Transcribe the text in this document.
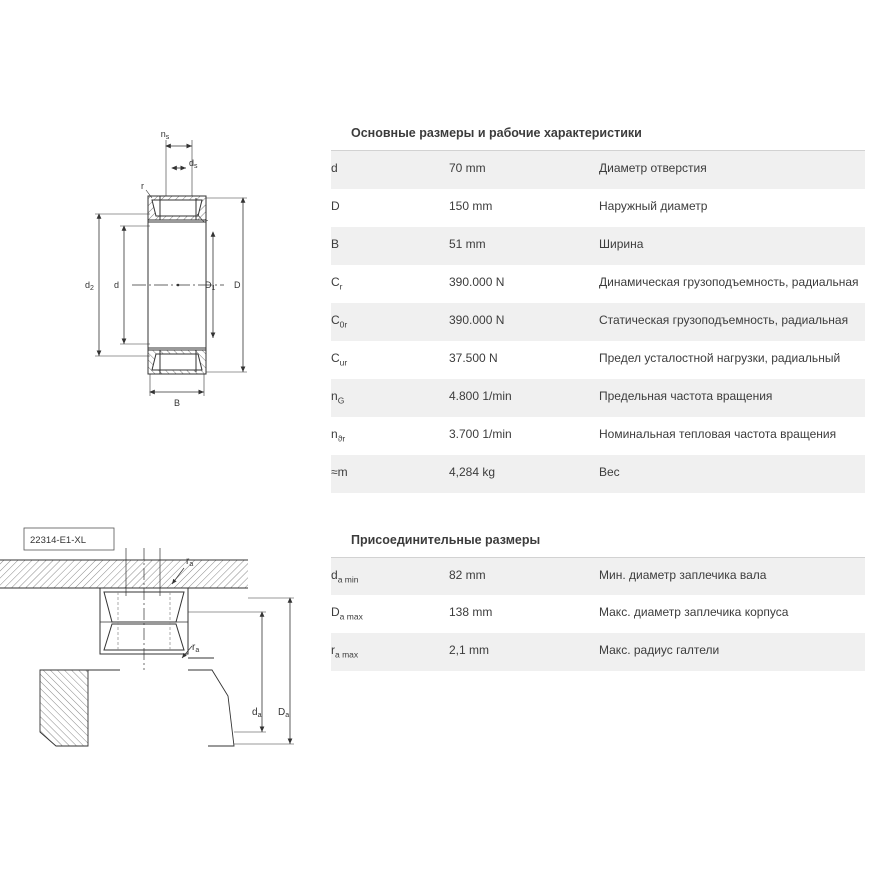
$n_s$
$d_s$
r
r
$d_2$ d	$D_1$ D
B
22314-E1-XL
$r_a$
$r_a$
$d_a$ $D_a$
Основные размеры и рабочие характеристики
d	70 mm	Диаметр отверстия
D	150 mm	Наружный диаметр
B	51 mm	Ширина
$C_r$	390.000 N	Динамическая грузоподъемность, радиальная
$C_{0r}$	390.000 N	Статическая грузоподъемность, радиальная
$C_{ur}$	37.500 N	Предел усталостной нагрузки, радиальный
$n_G$	4.800 1/min	Предельная частота вращения
$n_{ϑr}$	3.700 1/min	Номинальная тепловая частота вращения
≈m	4,284 kg	Вес
Присоединительные размеры
$d_{a min}$	82 mm	Мин. диаметр заплечика вала
$D_{a max}$	138 mm	Макс. диаметр заплечика корпуса
$r_{a max}$	2,1 mm	Макс. радиус галтели
